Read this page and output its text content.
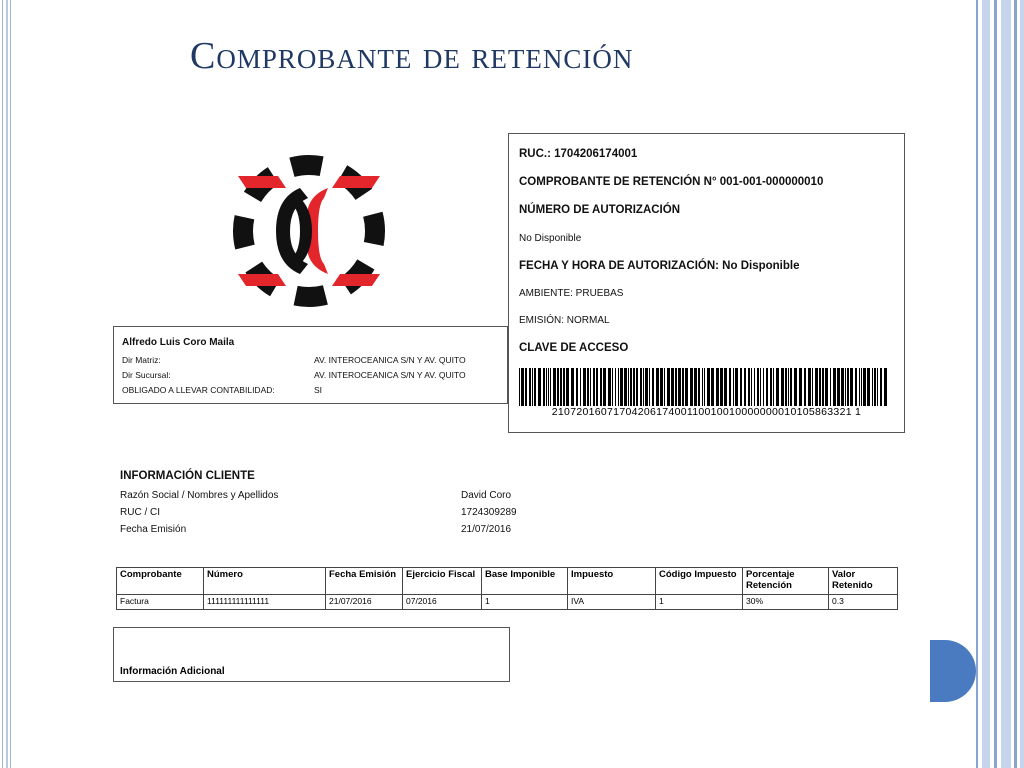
Comprobante de retención
RUC.: 1704206174001
COMPROBANTE DE RETENCIÓN N° 001-001-000000010
NÚMERO DE AUTORIZACIÓN
No Disponible
FECHA Y HORA DE AUTORIZACIÓN: No Disponible
AMBIENTE: PRUEBAS
EMISIÓN: NORMAL
CLAVE DE ACCESO
2107201607170420617400110010010000000010105863321 1
Alfredo Luis Coro Maila
Dir Matriz:	AV. INTEROCEANICA S/N Y AV. QUITO
Dir Sucursal:	AV. INTEROCEANICA S/N Y AV. QUITO
OBLIGADO A LLEVAR CONTABILIDAD:	SI
INFORMACIÓN CLIENTE
Razón Social / Nombres y Apellidos	David Coro
RUC / CI	1724309289
Fecha Emisión	21/07/2016
Comprobante	Número	Fecha Emisión	Ejercicio Fiscal	Base Imponible	Impuesto	Código Impuesto	Porcentaje Retención	Valor Retenido
Factura	111111111111111	21/07/2016	07/2016	1	IVA	1	30%	0.3
Información Adicional
